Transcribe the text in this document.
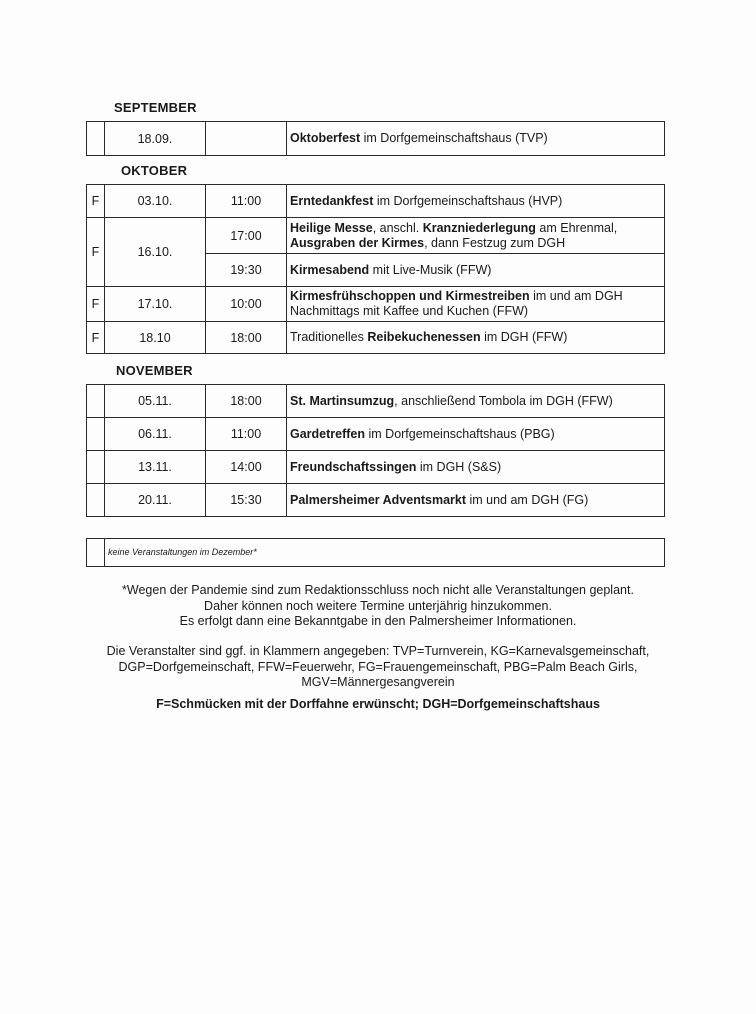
SEPTEMBER
	18.09.		Oktoberfest im Dorfgemeinschaftshaus (TVP)
OKTOBER
F	03.10.	11:00	Erntedankfest im Dorfgemeinschaftshaus (HVP)
F	16.10.	17:00	Heilige Messe, anschl. Kranzniederlegung am Ehrenmal,
Ausgraben der Kirmes, dann Festzug zum DGH

		19:30	Kirmesabend mit Live-Musik (FFW)
F	17.10.	10:00	Kirmesfrühschoppen und Kirmestreiben im und am DGH
Nachmittags mit Kaffee und Kuchen (FFW)

F	18.10	18:00	Traditionelles Reibekuchenessen im DGH (FFW)
NOVEMBER
	05.11.	18:00	St. Martinsumzug, anschließend Tombola im DGH (FFW)
	06.11.	11:00	Gardetreffen im Dorfgemeinschaftshaus (PBG)
	13.11.	14:00	Freundschaftssingen im DGH (S&S)
	20.11.	15:30	Palmersheimer Adventsmarkt im und am DGH (FG)
keine Veranstaltungen im Dezember*
*Wegen der Pandemie sind zum Redaktionsschluss noch nicht alle Veranstaltungen geplant.
Daher können noch weitere Termine unterjährig hinzukommen.
Es erfolgt dann eine Bekanntgabe in den Palmersheimer Informationen.
Die Veranstalter sind ggf. in Klammern angegeben: TVP=Turnverein, KG=Karnevalsgemeinschaft,
DGP=Dorfgemeinschaft, FFW=Feuerwehr, FG=Frauengemeinschaft, PBG=Palm Beach Girls,
MGV=Männergesangverein
F=Schmücken mit der Dorffahne erwünscht; DGH=Dorfgemeinschaftshaus
